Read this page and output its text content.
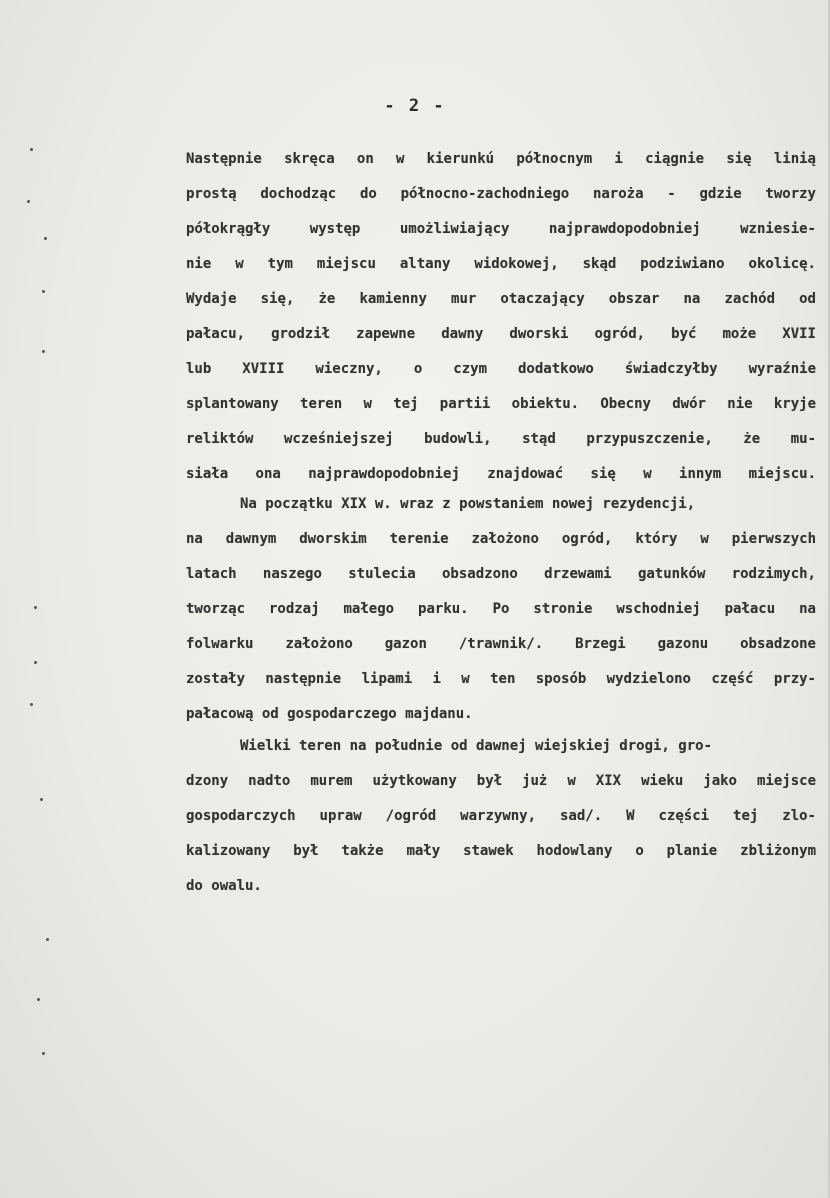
- 2 -
Następnie skręca on w kierunkú północnym i ciągnie się linią
prostą dochodząc do północno-zachodniego naroża - gdzie tworzy
półokrągły występ umożliwiający najprawdopodobniej wzniesie-
nie w tym miejscu altany widokowej, skąd podziwiano okolicę.
Wydaje się, że kamienny mur otaczający obszar na zachód od
pałacu, grodził zapewne dawny dworski ogród, być może XVII
lub XVIII wieczny, o czym dodatkowo świadczyłby wyraźnie
splantowany teren w tej partii obiektu. Obecny dwór nie kryje
reliktów wcześniejszej budowli, stąd przypuszczenie, że mu-
siała ona najprawdopodobniej znajdować się w innym miejscu.
Na początku XIX w. wraz z powstaniem nowej rezydencji,
na dawnym dworskim terenie założono ogród, który w pierwszych
latach naszego stulecia obsadzono drzewami gatunków rodzimych,
tworząc rodzaj małego parku. Po stronie wschodniej pałacu na
folwarku założono gazon /trawnik/. Brzegi gazonu obsadzone
zostały następnie lipami i w ten sposób wydzielono część przy-
pałacową od gospodarczego majdanu.
Wielki teren na południe od dawnej wiejskiej drogi, gro-
dzony nadto murem użytkowany był już w XIX wieku jako miejsce
gospodarczych upraw /ogród warzywny, sad/. W części tej zlo-
kalizowany był także mały stawek hodowlany o planie zbliżonym
do owalu.
